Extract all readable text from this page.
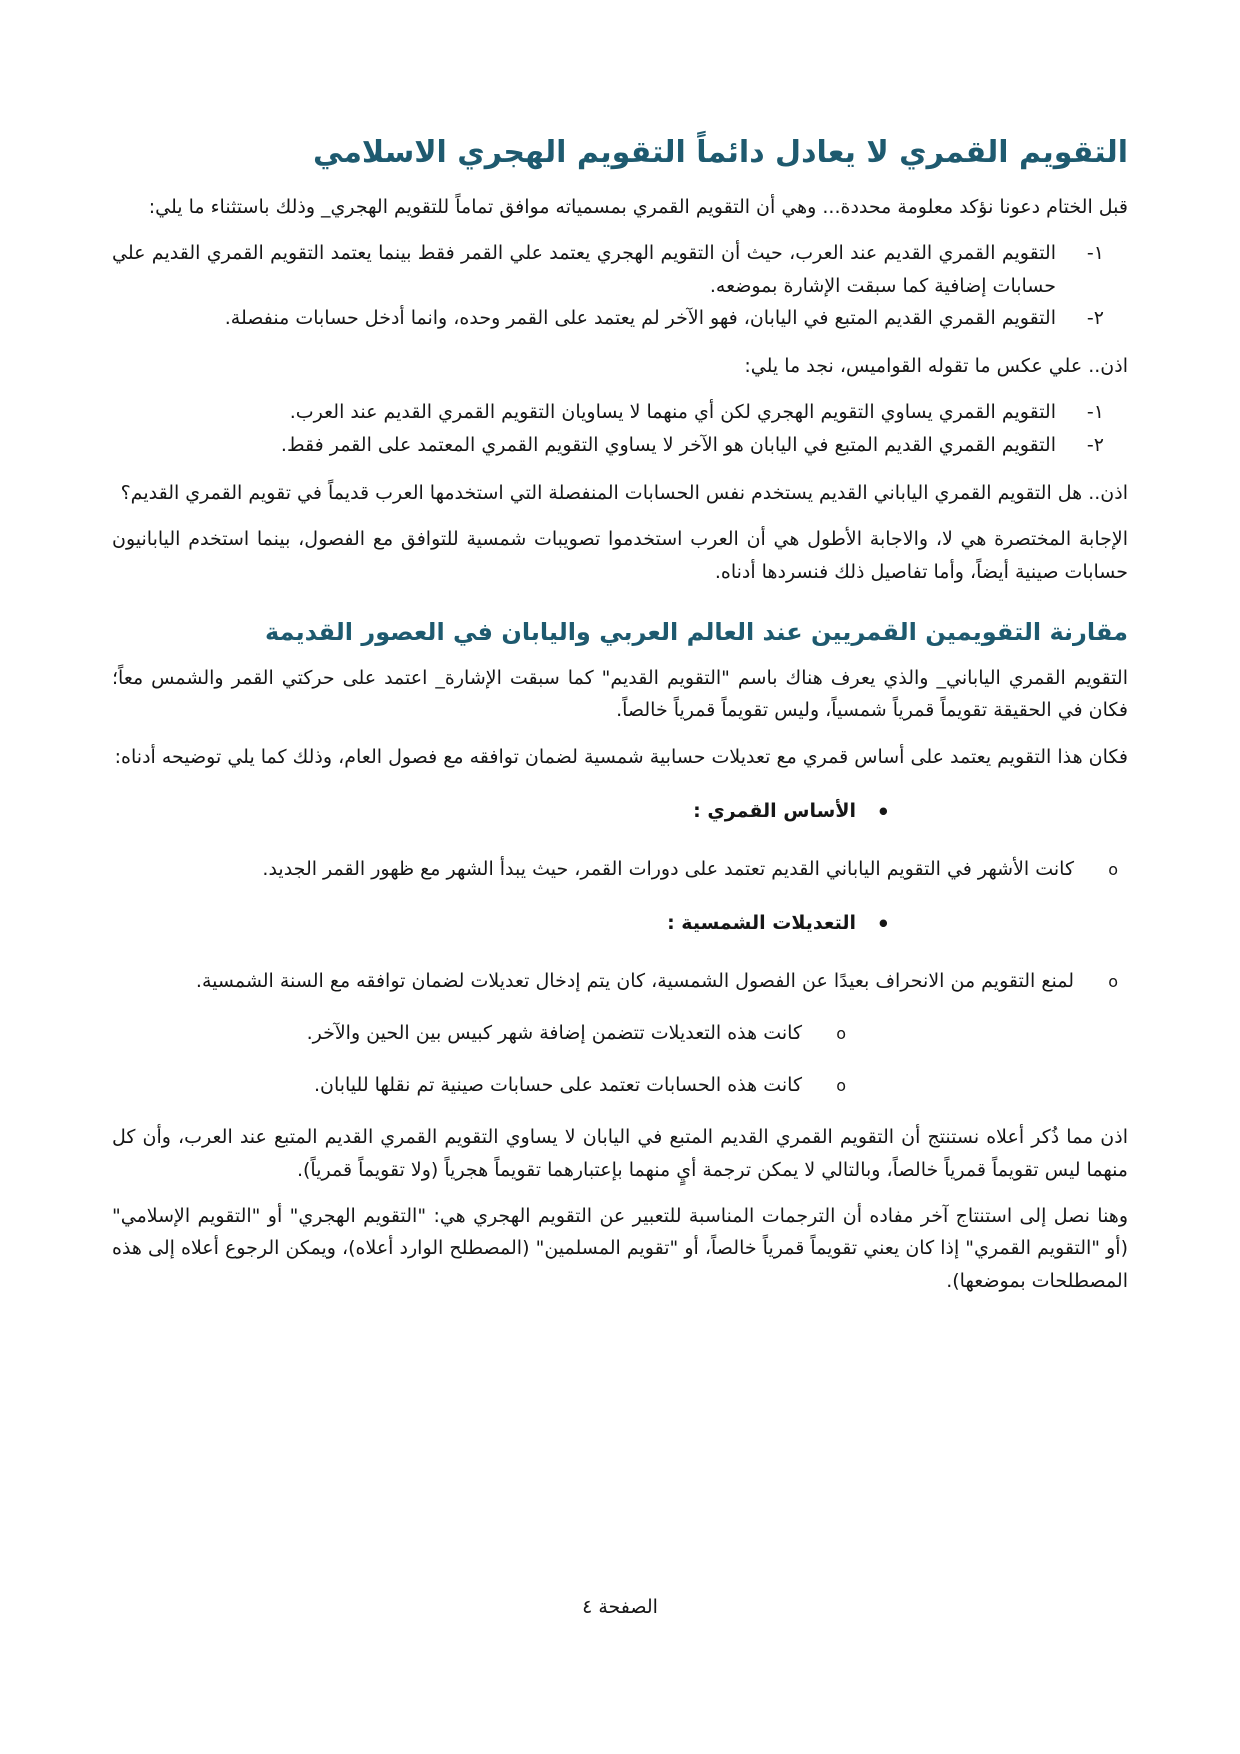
التقويم القمري لا يعادل دائماً التقويم الهجري الاسلامي

قبل الختام دعونا نؤكد معلومة محددة... وهي أن التقويم القمري بمسمياته موافق تماماً للتقويم الهجري_ وذلك باستثناء ما يلي:

١-
التقويم القمري القديم عند العرب، حيث أن التقويم الهجري يعتمد علي القمر فقط بينما يعتمد التقويم القمري القديم علي حسابات إضافية كما سبقت الإشارة بموضعه.
٢-
التقويم القمري القديم المتبع في اليابان، فهو الآخر لم يعتمد على القمر وحده، وانما أدخل حسابات منفصلة.

اذن.. علي عكس ما تقوله القواميس، نجد ما يلي:

١-
التقويم القمري يساوي التقويم الهجري لكن أي منهما لا يساويان التقويم القمري القديم عند العرب.
٢-
التقويم القمري القديم المتبع في اليابان هو الآخر لا يساوي التقويم القمري المعتمد على القمر فقط.

اذن.. هل التقويم القمري الياباني القديم يستخدم نفس الحسابات المنفصلة التي استخدمها العرب قديماً في تقويم القمري القديم؟

الإجابة المختصرة هي لا، والاجابة الأطول هي أن العرب استخدموا تصويبات شمسية للتوافق مع الفصول، بينما استخدم اليابانيون حسابات صينية أيضاً، وأما تفاصيل ذلك فنسردها أدناه.

مقارنة التقويمين القمريين عند العالم العربي واليابان في العصور القديمة

التقويم القمري الياباني_ والذي يعرف هناك باسم "التقويم القديم" كما سبقت الإشارة_ اعتمد على حركتي القمر والشمس معاً؛ فكان في الحقيقة تقويماً قمرياً شمسياً، وليس تقويماً قمرياً خالصاً.

فكان هذا التقويم يعتمد على أساس قمري مع تعديلات حسابية شمسية لضمان توافقه مع فصول العام، وذلك كما يلي توضيحه أدناه:

•
الأساس القمري :
o
كانت الأشهر في التقويم الياباني القديم تعتمد على دورات القمر، حيث يبدأ الشهر مع ظهور القمر الجديد.
•
التعديلات الشمسية :
o
لمنع التقويم من الانحراف بعيدًا عن الفصول الشمسية، كان يتم إدخال تعديلات لضمان توافقه مع السنة الشمسية.
o
كانت هذه التعديلات تتضمن إضافة شهر كبيس بين الحين والآخر.
o
كانت هذه الحسابات تعتمد على حسابات صينية تم نقلها لليابان.

اذن مما ذُكر أعلاه نستنتج أن التقويم القمري القديم المتبع في اليابان لا يساوي التقويم القمري القديم المتبع عند العرب، وأن كل منهما ليس تقويماً قمرياً خالصاً، وبالتالي لا يمكن ترجمة أيٍ منهما بإعتبارهما تقويماً هجرياً (ولا تقويماً قمرياً).

وهنا نصل إلى استنتاج آخر مفاده أن الترجمات المناسبة للتعبير عن التقويم الهجري هي: "التقويم الهجري" أو "التقويم الإسلامي" (أو "التقويم القمري" إذا كان يعني تقويماً قمرياً خالصاً، أو "تقويم المسلمين" (المصطلح الوارد أعلاه)، ويمكن الرجوع أعلاه إلى هذه المصطلحات بموضعها).

الصفحة ٤
